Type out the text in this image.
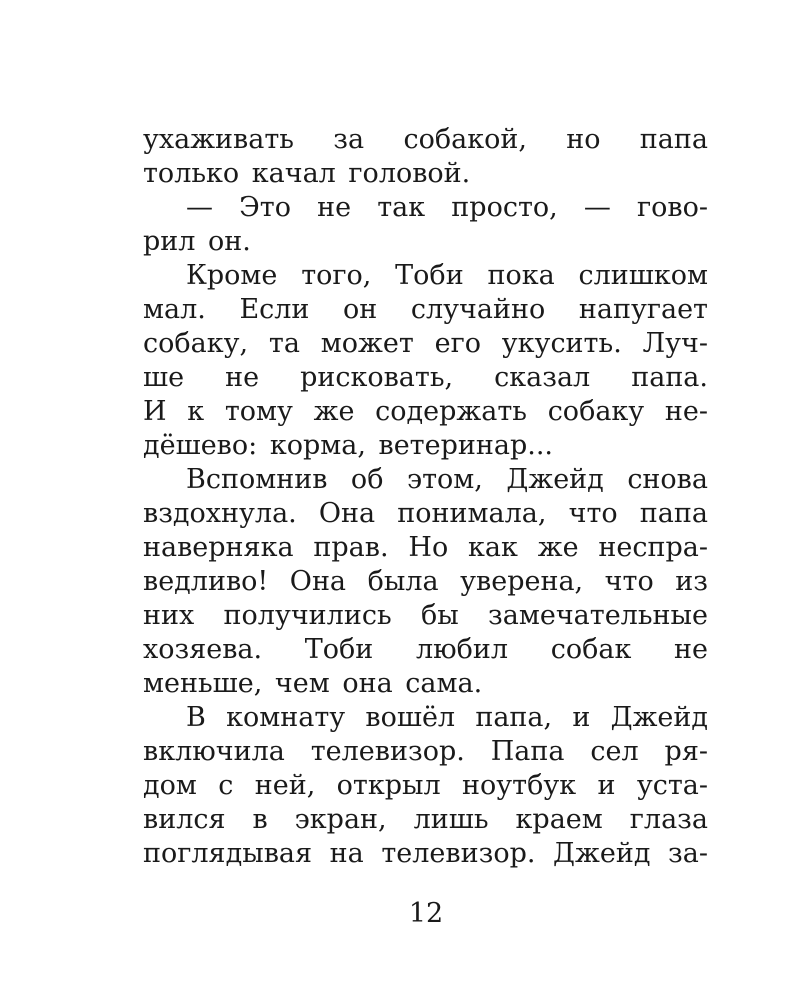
ухаживать за собакой, но папа
только качал головой.
— Это не так просто, — гово-
рил он.
Кроме того, Тоби пока слишком
мал. Если он случайно напугает
собаку, та может его укусить. Луч-
ше не рисковать, сказал папа.
И к тому же содержать собаку не-
дёшево: корма, ветеринар...
Вспомнив об этом, Джейд снова
вздохнула. Она понимала, что папа
наверняка прав. Но как же неспра-
ведливо! Она была уверена, что из
них получились бы замечательные
хозяева. Тоби любил собак не
меньше, чем она сама.
В комнату вошёл папа, и Джейд
включила телевизор. Папа сел ря-
дом с ней, открыл ноутбук и уста-
вился в экран, лишь краем глаза
поглядывая на телевизор. Джейд за-
12
